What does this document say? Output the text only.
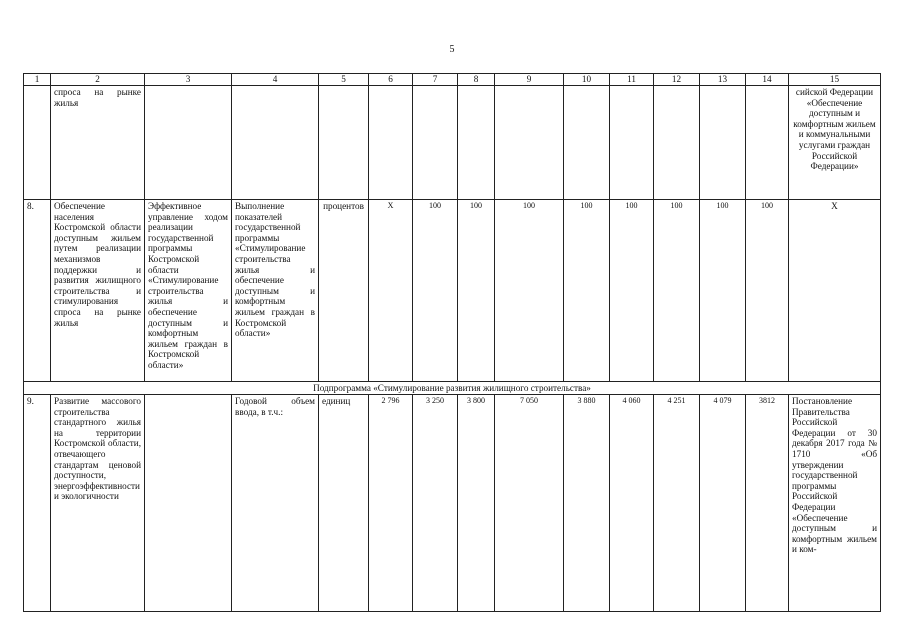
5
1	2	3	4	5	6	7	8	9	10	11	12	13	14	15
	спроса на рынке жилья													сийской Федерации «Обеспечение доступным и комфортным жильем и коммунальными услугами граждан Российской Федерации»
8.	Обеспечение населения Костромской области доступным жильем путем реализации механизмов поддержки и развития жилищного строительства и стимулирования спроса на рынке жилья	Эффективное управление ходом реализации государственной программы Костромской области «Стимулирование строительства жилья и обеспечение доступным и комфортным жильем граждан в Костромской области»	Выполнение показателей государственной программы «Стимулирование строительства жилья и обеспечение доступным и комфортным жильем граждан в Костромской области»	процентов	X	100	100	100	100	100	100	100	100	X
Подпрограмма «Стимулирование развития жилищного строительства»														
9.	Развитие массового строительства стандартного жилья на территории Костромской области, отвечающего стандартам ценовой доступности, энергоэффективности и экологичности		Годовой объем ввода, в т.ч.:	единиц	2 796	3 250	3 800	7 050	3 880	4 060	4 251	4 079	3812	Постановление Правительства Российской Федерации от 30 декабря 2017 года № 1710 «Об утверждении государственной программы Российской Федерации «Обеспечение доступным и комфортным жильем и ком-
